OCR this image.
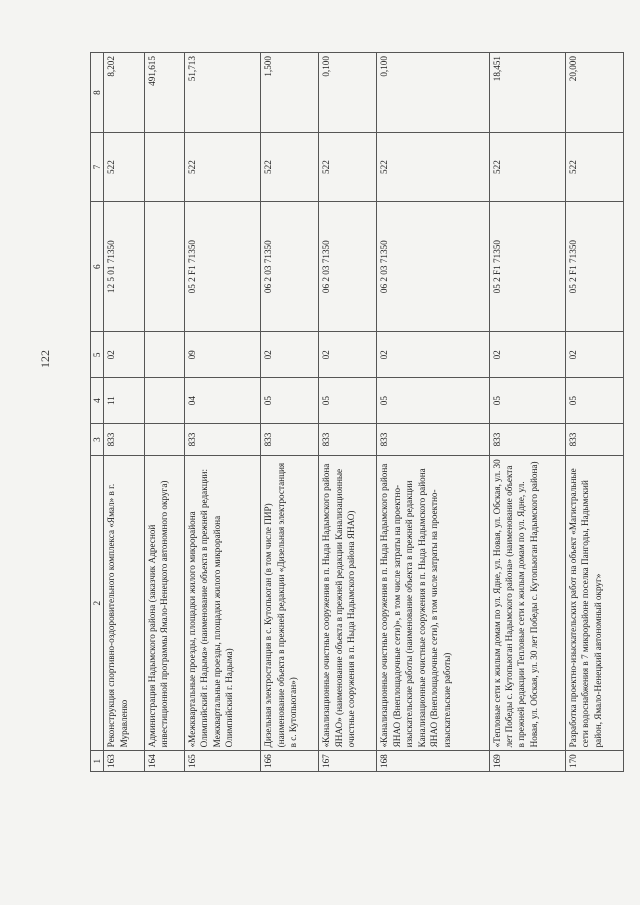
122
1	2	3	4	5	6	7	8
163	Реконструкция спортивно-оздоровительного комплекса «Ямал» в г. Муравленко	833	11	02	12 5 01 71350	522	8,202
164	Администрация Надымского района (заказчик Адресной инвестиционной программы Ямало-Ненецкого автономного округа)						491,615
165	«Межквартальные проезды, площадки жилого микрорайона Олимпийский г. Надыма» (наименование объекта в прежней редакции: Межквартальные проезды, площадки жилого микрорайона Олимпийский г. Надыма)	833	04	09	05 2 F1 71350	522	51,713
166	Дизельная электростанция в с. Кутопьюган (в том числе ПИР) (наименование объекта в прежней редакции «Дизельная электростанция в с. Кутопьюган»)	833	05	02	06 2 03 71350	522	1,500
167	«Канализационные очистные сооружения в п. Ныда Надымского района ЯНАО» (наименование объекта в прежней редакции Канализационные очистные сооружения в п. Ныда Надымского района ЯНАО)	833	05	02	06 2 03 71350	522	0,100
168	«Канализационные очистные сооружения в п. Ныда Надымского района ЯНАО (Внеплощадочные сети)», в том числе затраты на проектно-изыскательские работы (наименование объекта в прежней редакции Канализационные очистные сооружения в п. Ныда Надымского района ЯНАО (Внеплощадочные сети), в том числе затраты на проектно-изыскательские работы)	833	05	02	06 2 03 71350	522	0,100
169	«Тепловые сети к жилым домам по ул. Ядне, ул. Новая, ул. Обская, ул. 30 лет Победы с. Кутопьюган Надымского района» (наименование объекта в прежней редакции Тепловые сети к жилым домам по ул. Ядне, ул. Новая, ул. Обская, ул. 30 лет Победы с. Кутопьюган Надымского района)	833	05	02	05 2 F1 71350	522	18,451
170	Разработка проектно-изыскательских работ на объект «Магистральные сети водоснабжения в 7 микрорайоне поселка Пангоды, Надымский район, Ямало-Ненецкий автономный округ»	833	05	02	05 2 F1 71350	522	20,000
